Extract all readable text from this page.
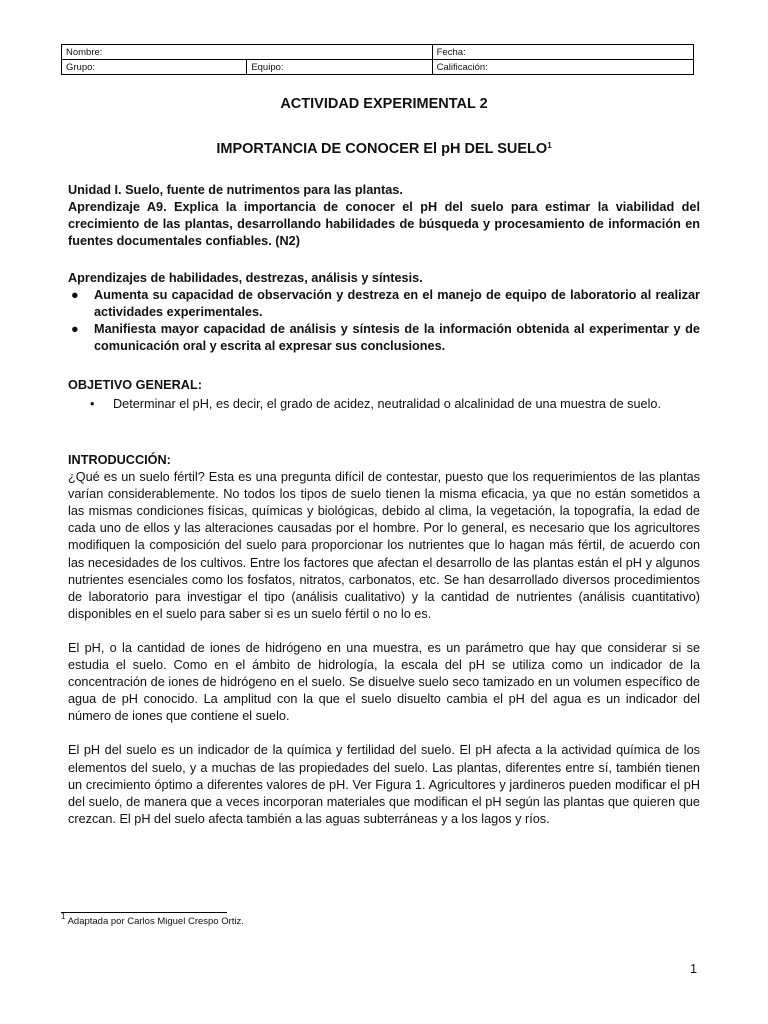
Nombre:		Fecha:
Grupo:	Equipo:	Calificación:
ACTIVIDAD EXPERIMENTAL 2
IMPORTANCIA DE CONOCER El pH DEL SUELO$^1$

Unidad I. Suelo, fuente de nutrimentos para las plantas.

Aprendizaje A9. Explica la importancia de conocer el pH del suelo para estimar la viabilidad del crecimiento de las plantas, desarrollando habilidades de búsqueda y procesamiento de información en fuentes documentales confiables. (N2)

Aprendizajes de habilidades, destrezas, análisis y síntesis.

● Aumenta su capacidad de observación y destreza en el manejo de equipo de laboratorio al realizar actividades experimentales.
● Manifiesta mayor capacidad de análisis y síntesis de la información obtenida al experimentar y de comunicación oral y escrita al expresar sus conclusiones.

OBJETIVO GENERAL:

• Determinar el pH, es decir, el grado de acidez, neutralidad o alcalinidad de una muestra de suelo.

INTRODUCCIÓN:

¿Qué es un suelo fértil? Esta es una pregunta difícil de contestar, puesto que los requerimientos de las plantas varían considerablemente. No todos los tipos de suelo tienen la misma eficacia, ya que no están sometidos a las mismas condiciones físicas, químicas y biológicas, debido al clima, la vegetación, la topografía, la edad de cada uno de ellos y las alteraciones causadas por el hombre. Por lo general, es necesario que los agricultores modifiquen la composición del suelo para proporcionar los nutrientes que lo hagan más fértil, de acuerdo con las necesidades de los cultivos. Entre los factores que afectan el desarrollo de las plantas están el pH y algunos nutrientes esenciales como los fosfatos, nitratos, carbonatos, etc. Se han desarrollado diversos procedimientos de laboratorio para investigar el tipo (análisis cualitativo) y la cantidad de nutrientes (análisis cuantitativo) disponibles en el suelo para saber si es un suelo fértil o no lo es.

El pH, o la cantidad de iones de hidrógeno en una muestra, es un parámetro que hay que considerar si se estudia el suelo. Como en el ámbito de hidrología, la escala del pH se utiliza como un indicador de la concentración de iones de hidrógeno en el suelo. Se disuelve suelo seco tamizado en un volumen específico de agua de pH conocido. La amplitud con la que el suelo disuelto cambia el pH del agua es un indicador del número de iones que contiene el suelo.

El pH del suelo es un indicador de la química y fertilidad del suelo. El pH afecta a la actividad química de los elementos del suelo, y a muchas de las propiedades del suelo. Las plantas, diferentes entre sí, también tienen un crecimiento óptimo a diferentes valores de pH. Ver Figura 1. Agricultores y jardineros pueden modificar el pH del suelo, de manera que a veces incorporan materiales que modifican el pH según las plantas que quieren que crezcan. El pH del suelo afecta también a las aguas subterráneas y a los lagos y ríos.

$^1$ Adaptada por Carlos Miguel Crespo Ortiz.
1
